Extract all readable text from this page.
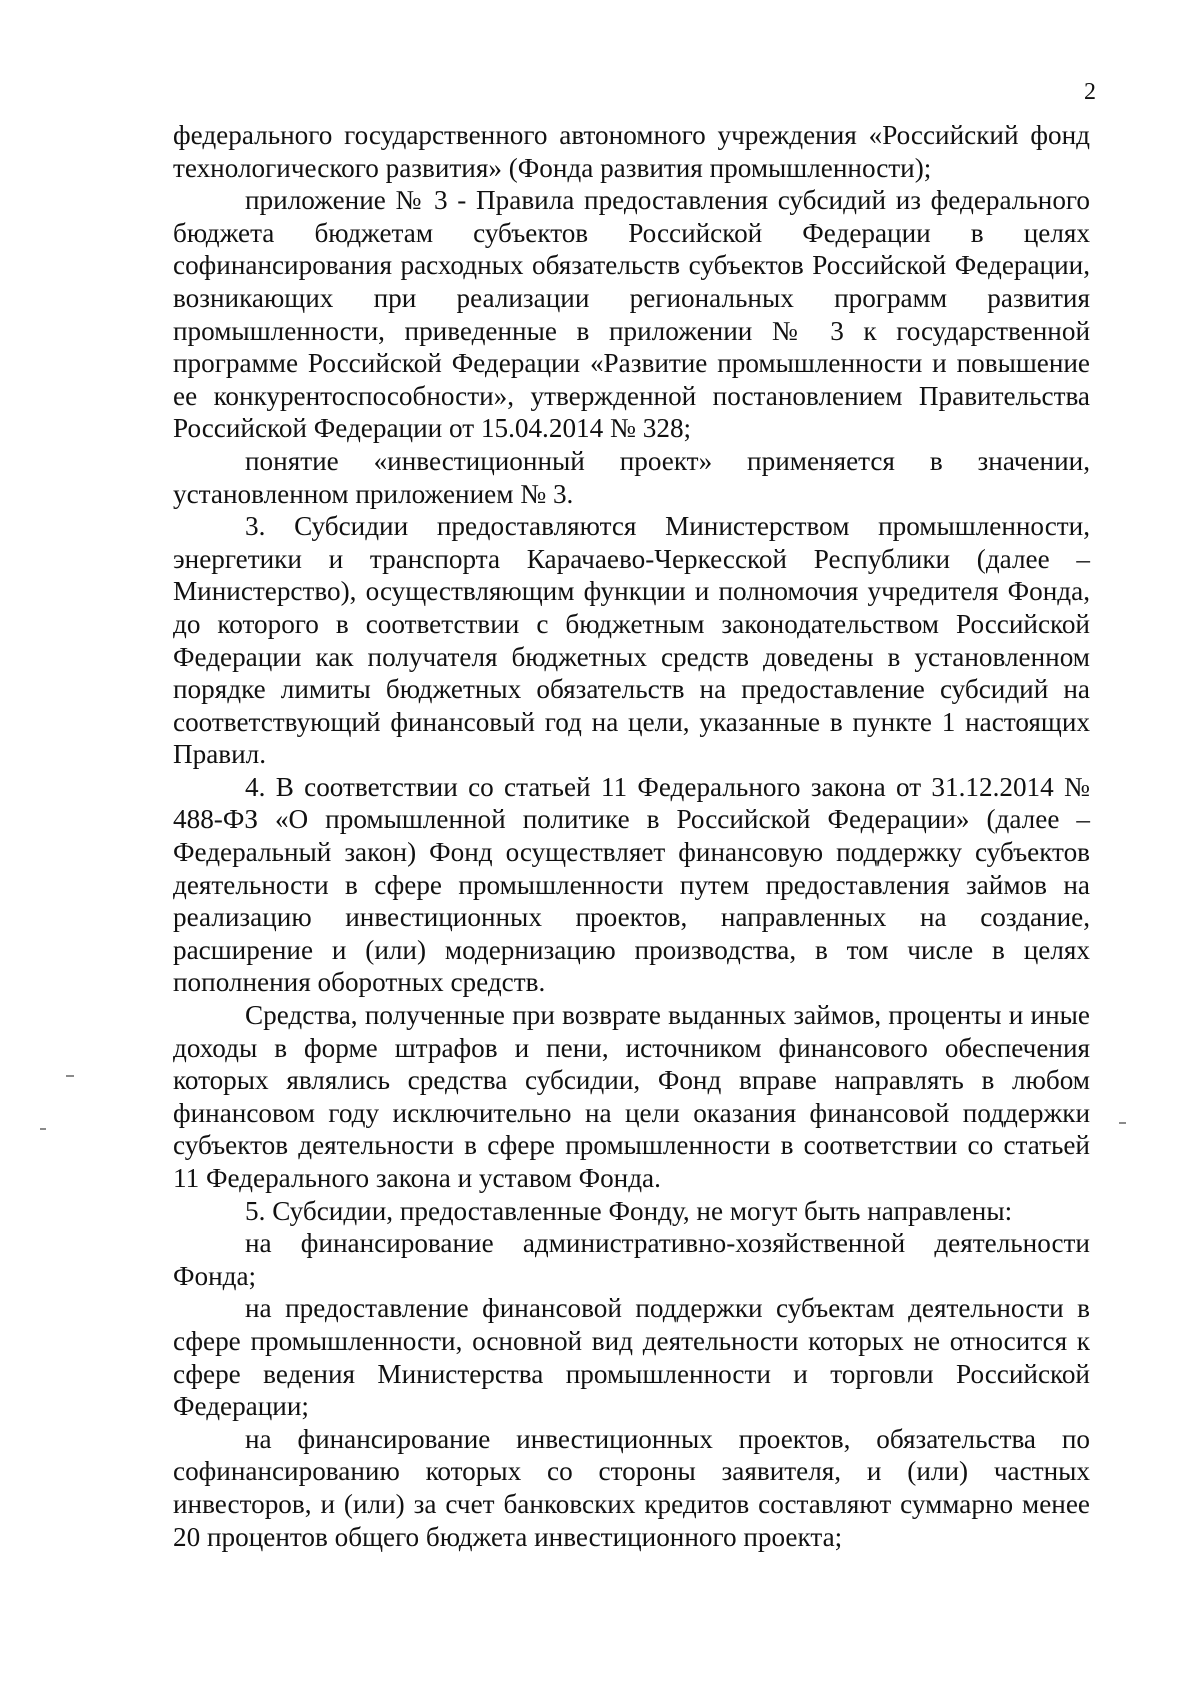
2

федерального государственного автономного учреждения «Российский фонд технологического развития» (Фонда развития промышленности);

приложение № 3 - Правила предоставления субсидий из федерального бюджета бюджетам субъектов Российской Федерации в целях софинансирования расходных обязательств субъектов Российской Федерации, возникающих при реализации региональных программ развития промышленности, приведенные в приложении № 3 к государственной программе Российской Федерации «Развитие промышленности и повышение ее конкурентоспособности», утвержденной постановлением Правительства Российской Федерации от 15.04.2014 № 328;

понятие «инвестиционный проект» применяется в значении, установленном приложением № 3.

3. Субсидии предоставляются Министерством промышленности, энергетики и транспорта Карачаево-Черкесской Республики (далее – Министерство), осуществляющим функции и полномочия учредителя Фонда, до которого в соответствии с бюджетным законодательством Российской Федерации как получателя бюджетных средств доведены в установленном порядке лимиты бюджетных обязательств на предоставление субсидий на соответствующий финансовый год на цели, указанные в пункте 1 настоящих Правил.

4. В соответствии со статьей 11 Федерального закона от 31.12.2014 № 488-ФЗ «О промышленной политике в Российской Федерации» (далее – Федеральный закон) Фонд осуществляет финансовую поддержку субъектов деятельности в сфере промышленности путем предоставления займов на реализацию инвестиционных проектов, направленных на создание, расширение и (или) модернизацию производства, в том числе в целях пополнения оборотных средств.

Средства, полученные при возврате выданных займов, проценты и иные доходы в форме штрафов и пени, источником финансового обеспечения которых являлись средства субсидии, Фонд вправе направлять в любом финансовом году исключительно на цели оказания финансовой поддержки субъектов деятельности в сфере промышленности в соответствии со статьей 11 Федерального закона и уставом Фонда.

5. Субсидии, предоставленные Фонду, не могут быть направлены:

на финансирование административно-хозяйственной деятельности Фонда;

на предоставление финансовой поддержки субъектам деятельности в сфере промышленности, основной вид деятельности которых не относится к сфере ведения Министерства промышленности и торговли Российской Федерации;

на финансирование инвестиционных проектов, обязательства по софинансированию которых со стороны заявителя, и (или) частных инвесторов, и (или) за счет банковских кредитов составляют суммарно менее 20 процентов общего бюджета инвестиционного проекта;
